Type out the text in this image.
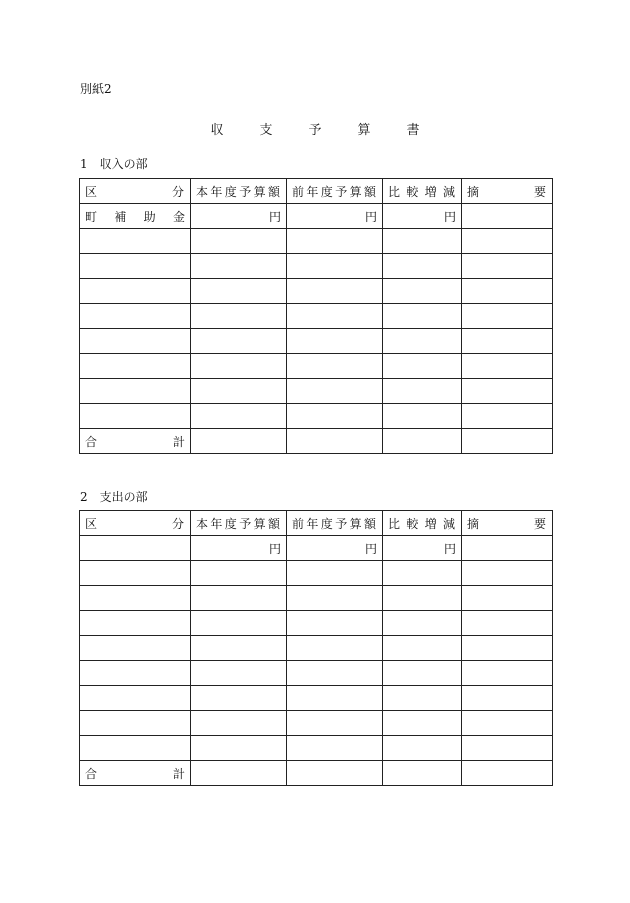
別紙2
収支予算書
1 収入の部
区分	本年度予算額	前年度予算額	比較増減	摘要
町補助金	円	円	円	

合計				
2 支出の部
区分	本年度予算額	前年度予算額	比較増減	摘要
	円	円	円	

合計				
